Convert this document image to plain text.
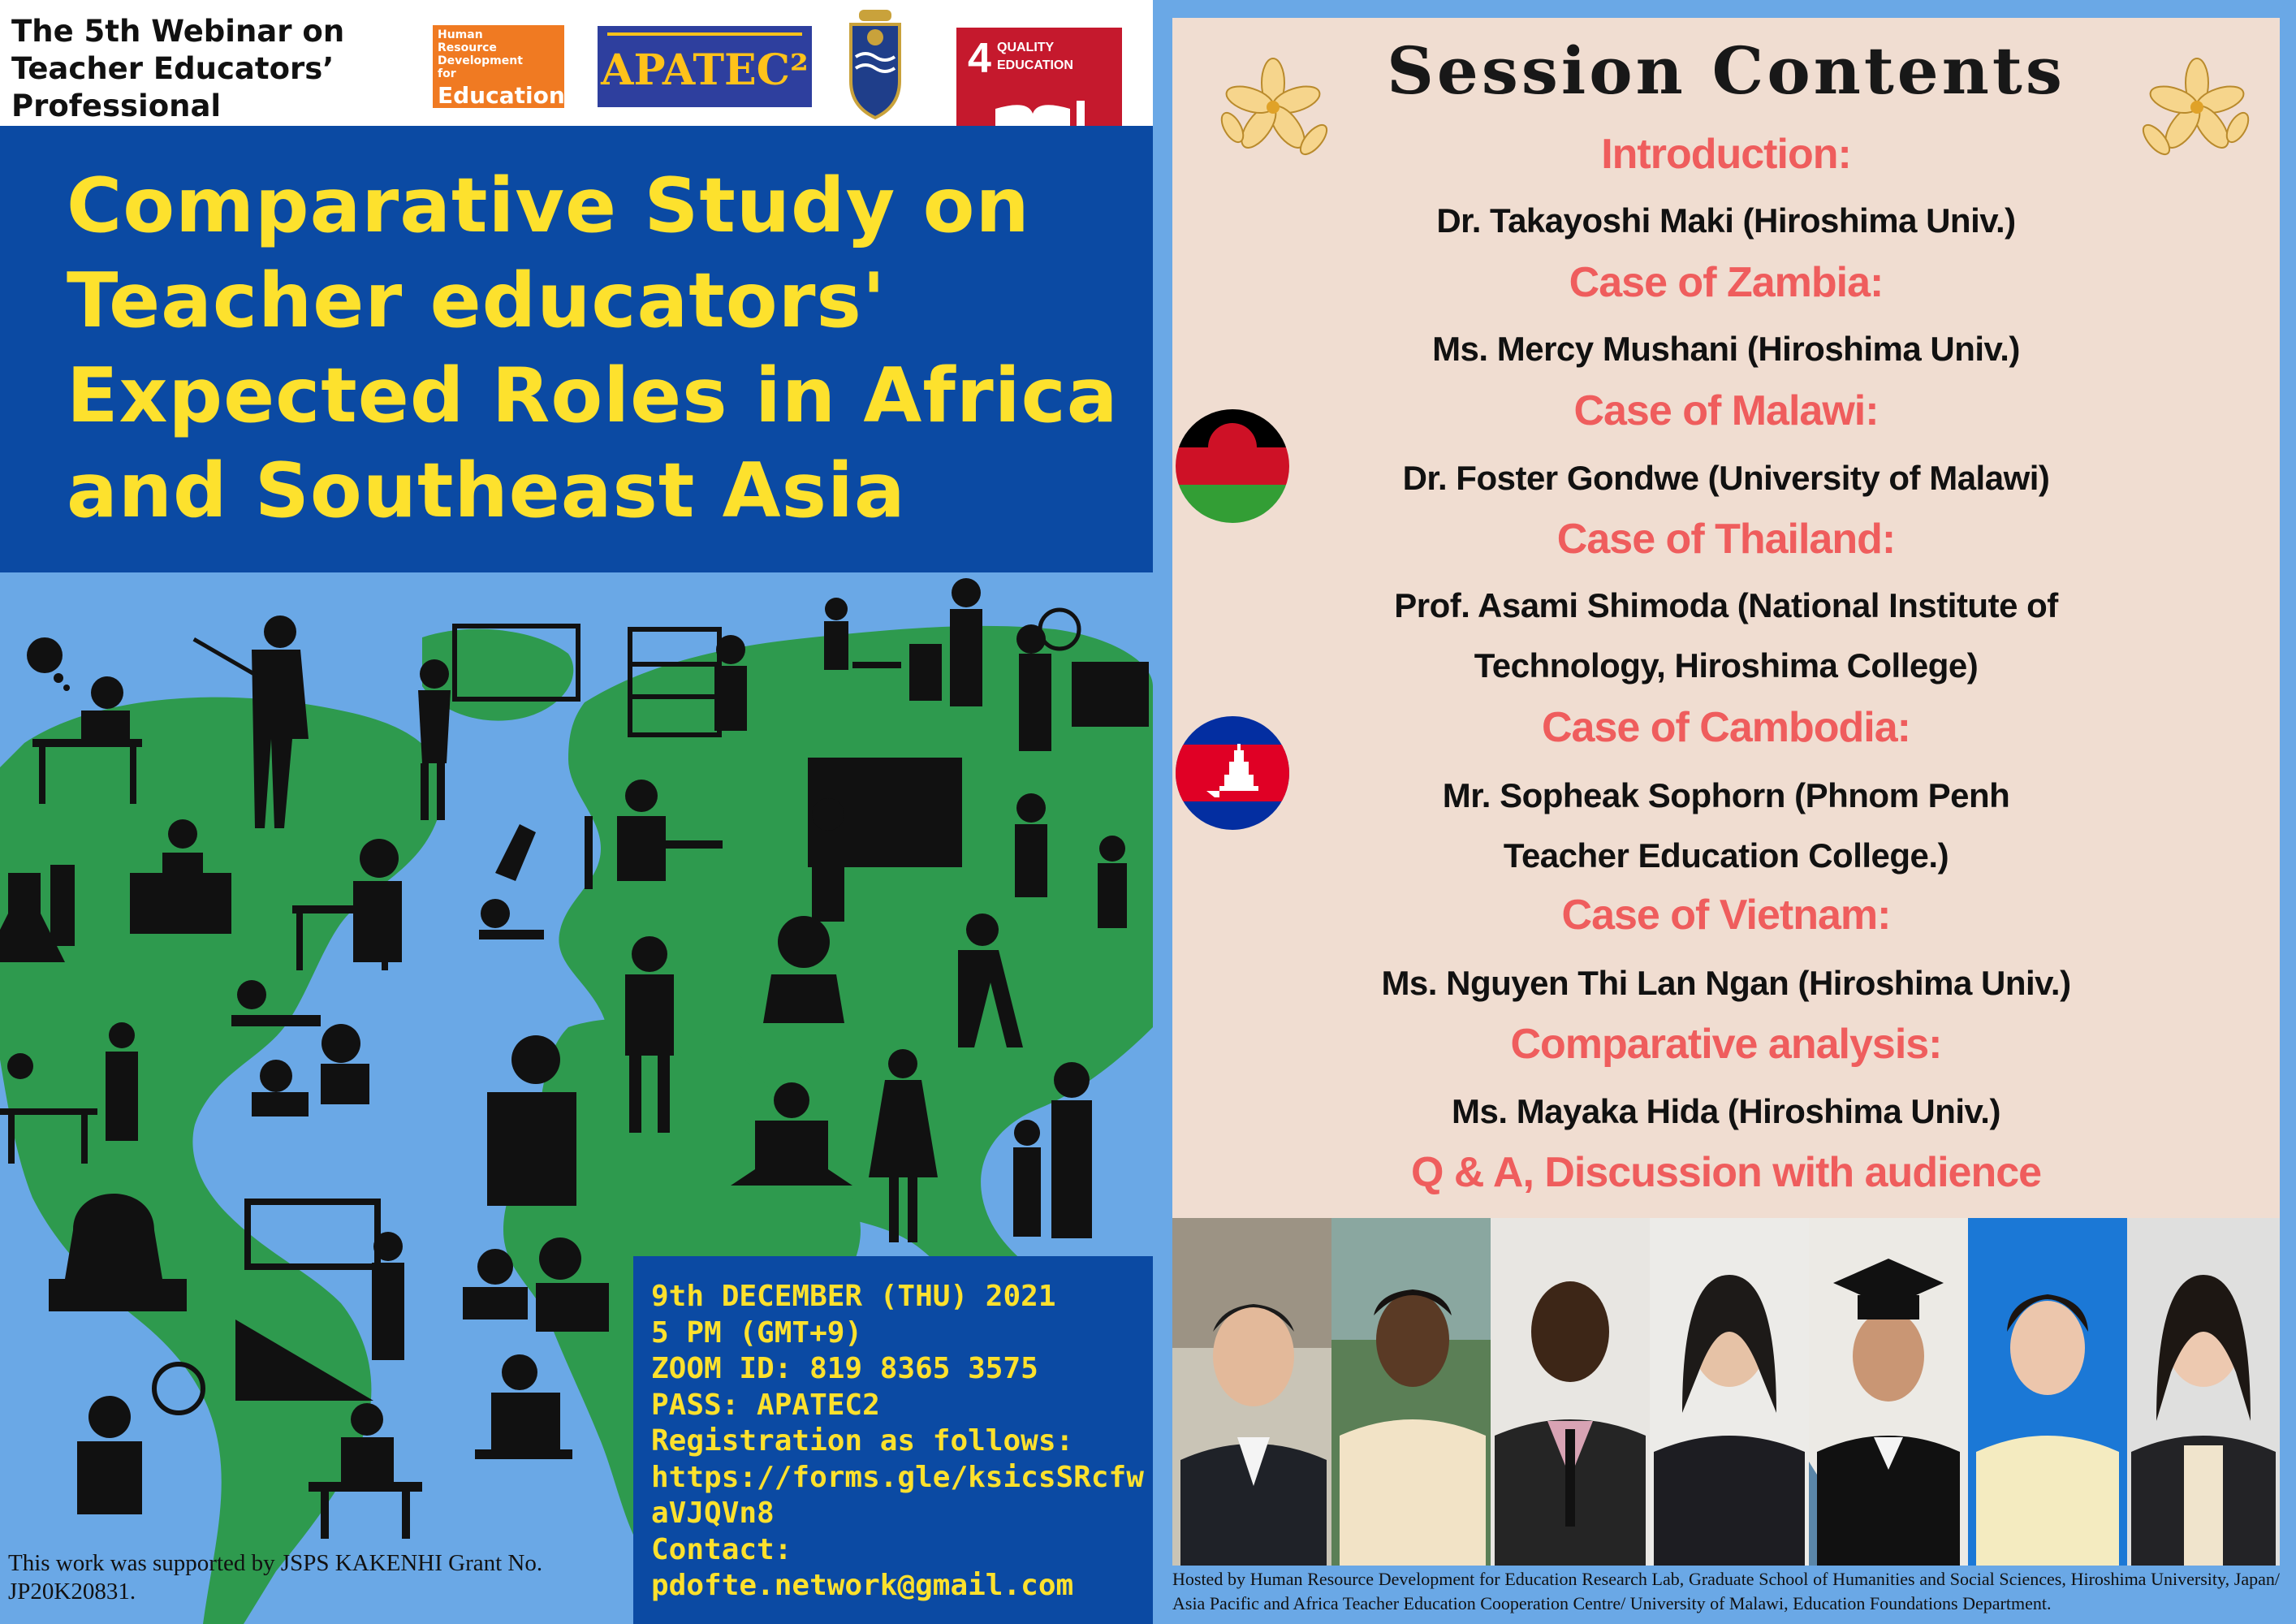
The 5th Webinar on
Teacher Educators’
Professional
Human
Resource
Development
for
Education
APATEC²	4 QUALITY
EDUCATION
Comparative Study on
Teacher educators'
Expected Roles in Africa
and Southeast Asia
9th DECEMBER (THU) 2021
5 PM (GMT+9)
ZOOM ID: 819 8365 3575
PASS: APATEC2
Registration as follows:
https://forms.gle/ksicsSRcfwaVJQVn8
Contact:
pdofte.network@gmail.com
This work was supported by JSPS KAKENHI Grant No. JP20K20831.
Session Contents
Introduction:
Dr. Takayoshi Maki (Hiroshima Univ.)
Case of Zambia:
Ms. Mercy Mushani (Hiroshima Univ.)
Case of Malawi:
Dr. Foster Gondwe (University of Malawi)
Case of Thailand:
Prof. Asami Shimoda (National Institute of
Technology, Hiroshima College)
Case of Cambodia:
Mr. Sopheak Sophorn (Phnom Penh
Teacher Education College.)
Case of Vietnam:
Ms. Nguyen Thi Lan Ngan (Hiroshima Univ.)
Comparative analysis:
Ms. Mayaka Hida (Hiroshima Univ.)
Q & A, Discussion with audience
Hosted by Human Resource Development for Education Research Lab, Graduate School of Humanities and Social Sciences, Hiroshima University, Japan/ Asia Pacific and Africa Teacher Education Cooperation Centre/ University of Malawi, Education Foundations Department.
